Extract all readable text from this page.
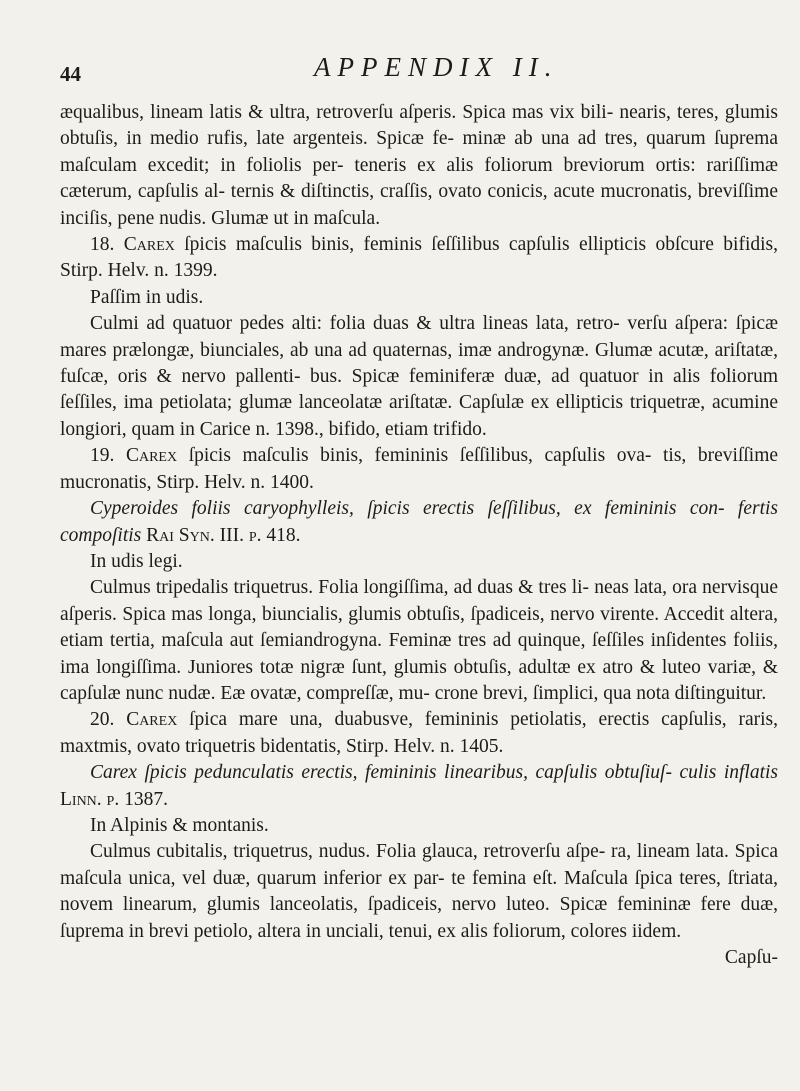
44	APPENDIX II.

æqualibus, lineam latis & ultra, retroverſu aſperis. Spica mas vix bili- nearis, teres, glumis obtuſis, in medio rufis, late argenteis. Spicæ fe- minæ ab una ad tres, quarum ſuprema maſculam excedit; in foliolis per- teneris ex alis foliorum breviorum ortis: rariſſimæ cæterum, capſulis al- ternis & diſtinctis, craſſis, ovato conicis, acute mucronatis, breviſſime inciſis, pene nudis. Glumæ ut in maſcula.

18. Carex ſpicis maſculis binis, feminis ſeſſilibus capſulis ellipticis obſcure bifidis, Stirp. Helv. n. 1399.

Paſſim in udis.

Culmi ad quatuor pedes alti: folia duas & ultra lineas lata, retro- verſu aſpera: ſpicæ mares prælongæ, biunciales, ab una ad quaternas, imæ androgynæ. Glumæ acutæ, ariſtatæ, fuſcæ, oris & nervo pallenti- bus. Spicæ feminiferæ duæ, ad quatuor in alis foliorum ſeſſiles, ima petiolata; glumæ lanceolatæ ariſtatæ. Capſulæ ex ellipticis triquetræ, acumine longiori, quam in Carice n. 1398., bifido, etiam trifido.

19. Carex ſpicis maſculis binis, femininis ſeſſilibus, capſulis ova- tis, breviſſime mucronatis, Stirp. Helv. n. 1400.

Cyperoides foliis caryophylleis, ſpicis erectis ſeſſilibus, ex femininis con- fertis compoſitis Rai Syn. III. p. 418.

In udis legi.

Culmus tripedalis triquetrus. Folia longiſſima, ad duas & tres li- neas lata, ora nervisque aſperis. Spica mas longa, biuncialis, glumis obtuſis, ſpadiceis, nervo virente. Accedit altera, etiam tertia, maſcula aut ſemiandrogyna. Feminæ tres ad quinque, ſeſſiles inſidentes foliis, ima longiſſima. Juniores totæ nigræ ſunt, glumis obtuſis, adultæ ex atro & luteo variæ, & capſulæ nunc nudæ. Eæ ovatæ, compreſſæ, mu- crone brevi, ſimplici, qua nota diſtinguitur.

20. Carex ſpica mare una, duabusve, femininis petiolatis, erectis capſulis, raris, maxtmis, ovato triquetris bidentatis, Stirp. Helv. n. 1405.

Carex ſpicis pedunculatis erectis, femininis linearibus, capſulis obtuſiuſ- culis inflatis Linn. p. 1387.

In Alpinis & montanis.

Culmus cubitalis, triquetrus, nudus. Folia glauca, retroverſu aſpe- ra, lineam lata. Spica maſcula unica, vel duæ, quarum inferior ex par- te femina eſt. Maſcula ſpica teres, ſtriata, novem linearum, glumis lanceolatis, ſpadiceis, nervo luteo. Spicæ femininæ fere duæ, ſuprema in brevi petiolo, altera in unciali, tenui, ex alis foliorum, colores iidem.

Capſu-
